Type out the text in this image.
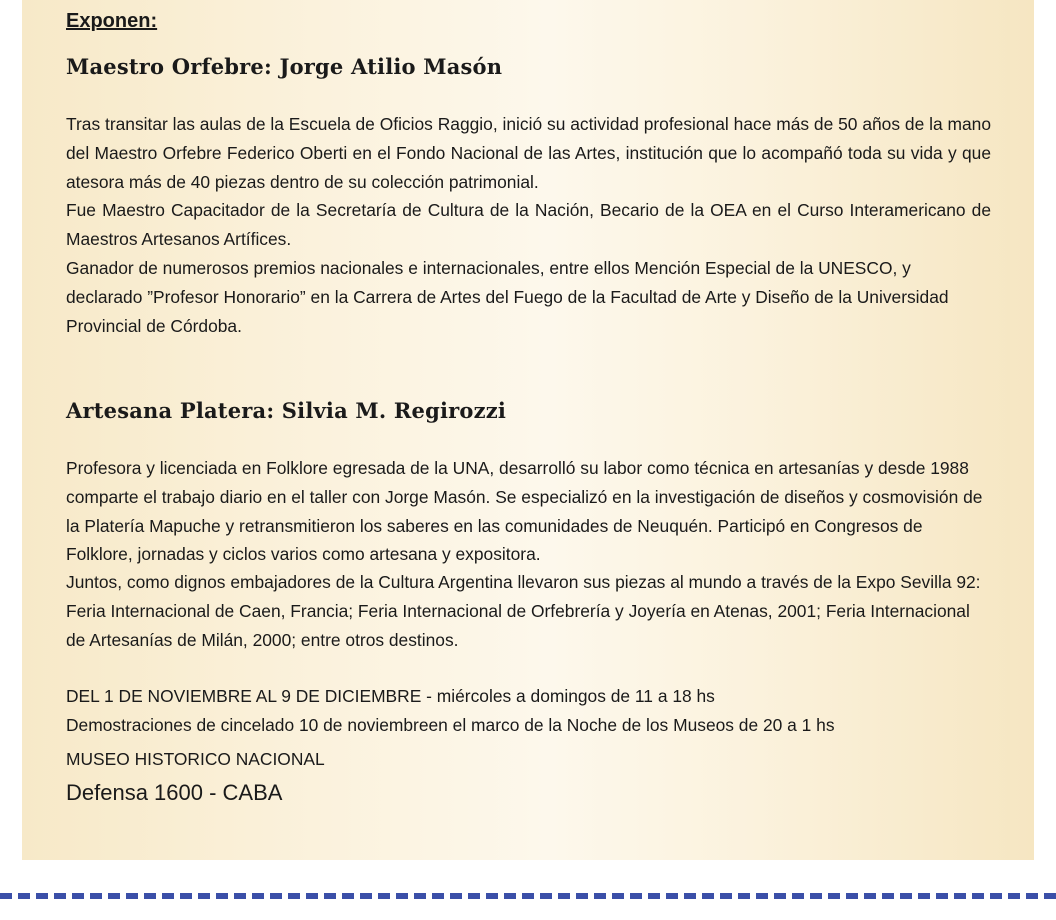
Exponen:
Maestro Orfebre: Jorge Atilio Masón

Tras transitar las aulas de la Escuela de Oficios Raggio, inició su actividad profesional hace más de 50 años de la mano del Maestro Orfebre Federico Oberti en el Fondo Nacional de las Artes, institución que lo acompañó toda su vida y que atesora más de 40 piezas dentro de su colección patrimonial.

Fue Maestro Capacitador de la Secretaría de Cultura de la Nación, Becario de la OEA en el Curso Interamericano de Maestros Artesanos Artífices.

Ganador de numerosos premios nacionales e internacionales, entre ellos Mención Especial de la UNESCO, y declarado ”Profesor Honorario” en la Carrera de Artes del Fuego de la Facultad de Arte y Diseño de la Universidad Provincial de Córdoba.

Artesana Platera: Silvia M. Regirozzi

Profesora y licenciada en Folklore egresada de la UNA, desarrolló su labor como técnica en artesanías y desde 1988 comparte el trabajo diario en el taller con Jorge Masón. Se especializó en la investigación de diseños y cosmovisión de la Platería Mapuche y retransmitieron los saberes en las comunidades de Neuquén. Participó en Congresos de Folklore, jornadas y ciclos varios como artesana y expositora.

Juntos, como dignos embajadores de la Cultura Argentina llevaron sus piezas al mundo a través de la Expo Sevilla 92: Feria Internacional de Caen, Francia; Feria Internacional de Orfebrería y Joyería en Atenas, 2001; Feria Internacional de Artesanías de Milán, 2000; entre otros destinos.

DEL 1 DE NOVIEMBRE AL 9 DE DICIEMBRE - miércoles a domingos de 11 a 18 hs

Demostraciones de cincelado 10 de noviembreen el marco de la Noche de los Museos de 20 a 1 hs

MUSEO HISTORICO NACIONAL

Defensa 1600 - CABA
